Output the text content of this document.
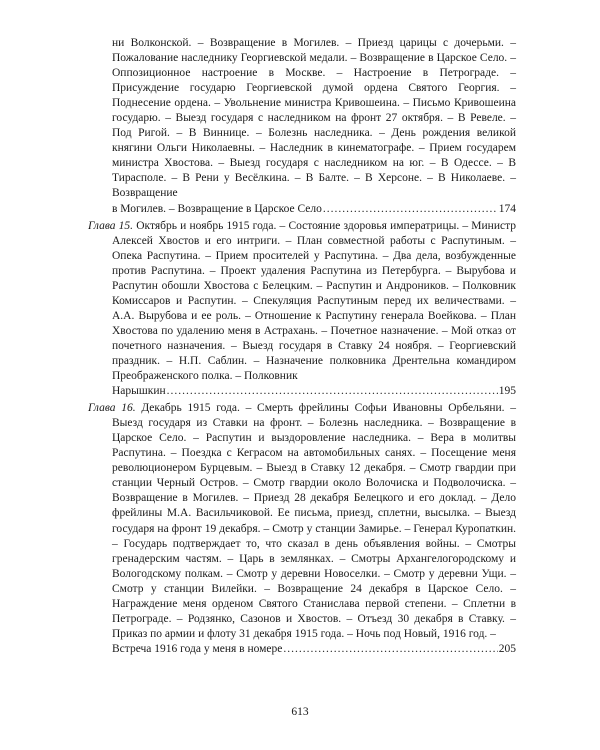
ни Волконской. – Возвращение в Могилев. – Приезд царицы с дочерьми. – Пожалование наследнику Георгиевской медали. – Возвращение в Царское Село. – Оппозиционное настроение в Москве. – Настроение в Петрограде. – Присуждение государю Георгиевской думой ордена Святого Георгия. – Поднесение ордена. – Увольнение министра Кривошеина. – Письмо Кривошеина государю. – Выезд государя с наследником на фронт 27 октября. – В Ревеле. – Под Ригой. – В Виннице. – Болезнь наследника. – День рождения великой княгини Ольги Николаевны. – Наследник в кинематографе. – Прием государем министра Хвостова. – Выезд государя с наследником на юг. – В Одессе. – В Тирасполе. – В Рени у Весёлкина. – В Балте. – В Херсоне. – В Николаеве. – Возвращение
в Могилев. – Возвращение в Царское Село .....	174
Глава 15. Октябрь и ноябрь 1915 года. – Состояние здоровья императрицы. – Министр Алексей Хвостов и его интриги. – План совместной работы с Распутиным. – Опека Распутина. – Прием просителей у Распутина. – Два дела, возбужденные против Распутина. – Проект удаления Распутина из Петербурга. – Вырубова и Распутин обошли Хвостова с Белецким. – Распутин и Андроников. – Полковник Комиссаров и Распутин. – Спекуляция Распутиным перед их величествами. – А.А. Вырубова и ее роль. – Отношение к Распутину генерала Воейкова. – План Хвостова по удалению меня в Астрахань. – Почетное назначение. – Мой отказ от почетного назначения. – Выезд государя в Ставку 24 ноября. – Георгиевский праздник. – Н.П. Саблин. – Назначение полковника Дрентельна командиром Преображенского полка. – Полковник
Нарышкин .....	195
Глава 16. Декабрь 1915 года. – Смерть фрейлины Софьи Ивановны Орбельяни. – Выезд государя из Ставки на фронт. – Болезнь наследника. – Возвращение в Царское Село. – Распутин и выздоровление наследника. – Вера в молитвы Распутина. – Поездка с Кеграсом на автомобильных санях. – Посещение меня революционером Бурцевым. – Выезд в Ставку 12 декабря. – Смотр гвардии при станции Черный Остров. – Смотр гвардии около Волочиска и Подволочиска. – Возвращение в Могилев. – Приезд 28 декабря Белецкого и его доклад. – Дело фрейлины М.А. Васильчиковой. Ее письма, приезд, сплетни, высылка. – Выезд государя на фронт 19 декабря. – Смотр у станции Замирье. – Генерал Куропаткин. – Государь подтверждает то, что сказал в день объявления войны. – Смотры гренадерским частям. – Царь в землянках. – Смотры Архангелогородскому и Вологодскому полкам. – Смотр у деревни Новоселки. – Смотр у деревни Ущи. – Смотр у станции Вилейки. – Возвращение 24 декабря в Царское Село. – Награждение меня орденом Святого Станислава первой степени. – Сплетни в Петрограде. – Родзянко, Сазонов и Хвостов. – Отъезд 30 декабря в Ставку. – Приказ по армии и флоту 31 декабря 1915 года. – Ночь под Новый, 1916 год. –
Встреча 1916 года у меня в номере .....	205
613
